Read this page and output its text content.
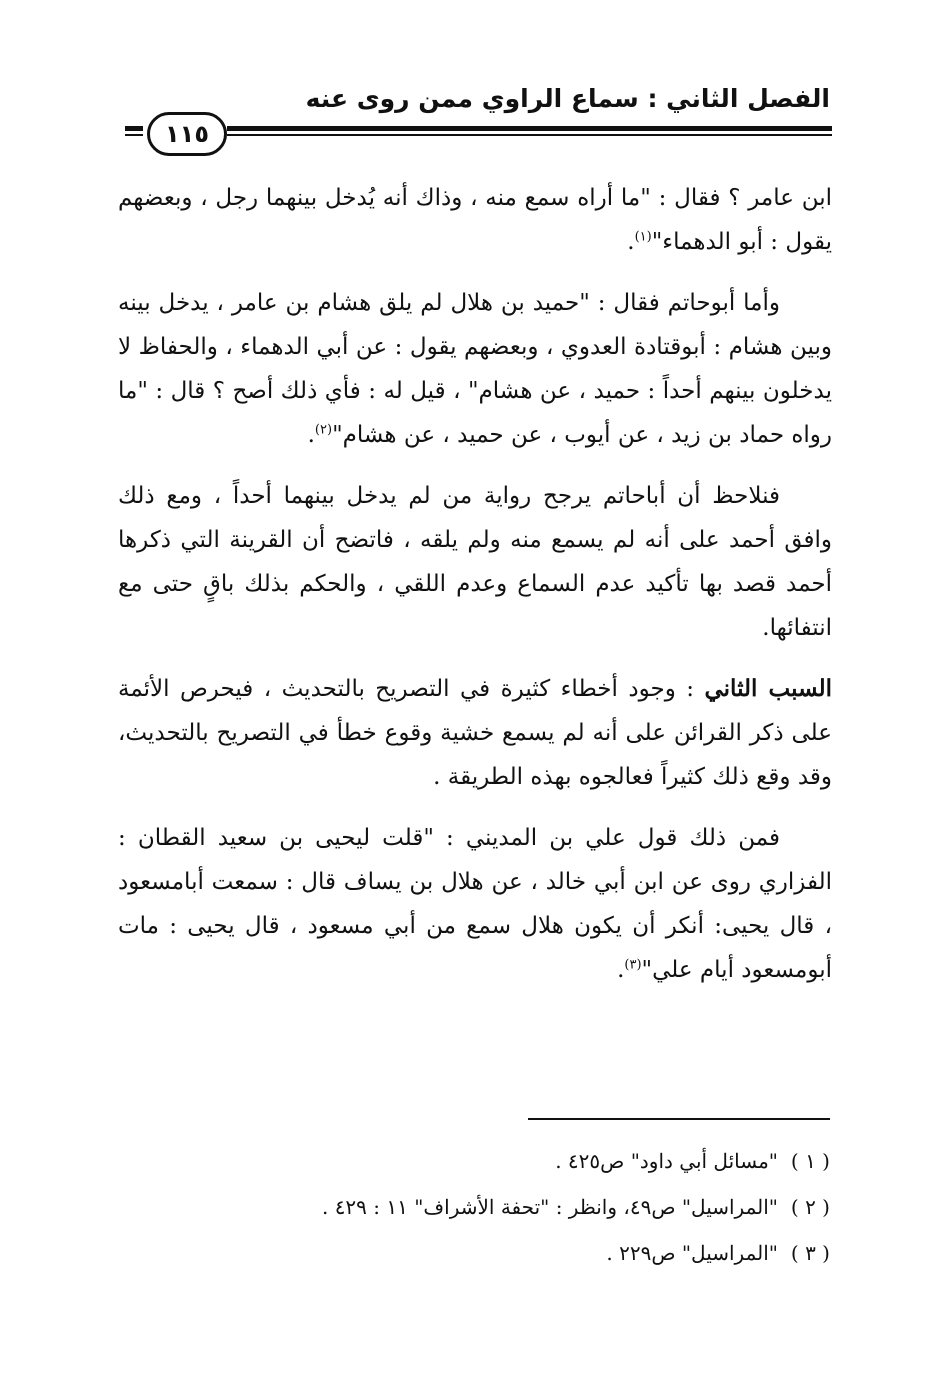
الفصل الثاني : سماع الراوي ممن روى عنه
١١٥

ابن عامر ؟ فقال : "ما أراه سمع منه ، وذاك أنه يُدخل بينهما رجل ، وبعضهم يقول : أبو الدهماء"$^{(١)}$.

وأما أبوحاتم فقال : "حميد بن هلال لم يلق هشام بن عامر ، يدخل بينه وبين هشام : أبوقتادة العدوي ، وبعضهم يقول : عن أبي الدهماء ، والحفاظ لا يدخلون بينهم أحداً : حميد ، عن هشام" ، قيل له : فأي ذلك أصح ؟ قال : "ما رواه حماد بن زيد ، عن أيوب ، عن حميد ، عن هشام"$^{(٢)}$.

فنلاحظ أن أباحاتم يرجح رواية من لم يدخل بينهما أحداً ، ومع ذلك وافق أحمد على أنه لم يسمع منه ولم يلقه ، فاتضح أن القرينة التي ذكرها أحمد قصد بها تأكيد عدم السماع وعدم اللقي ، والحكم بذلك باقٍ حتى مع انتفائها.

السبب الثاني : وجود أخطاء كثيرة في التصريح بالتحديث ، فيحرص الأئمة على ذكر القرائن على أنه لم يسمع خشية وقوع خطأ في التصريح بالتحديث، وقد وقع ذلك كثيراً فعالجوه بهذه الطريقة .

فمن ذلك قول علي بن المديني : "قلت ليحيى بن سعيد القطان : الفزاري روى عن ابن أبي خالد ، عن هلال بن يساف قال : سمعت أبامسعود ، قال يحيى: أنكر أن يكون هلال سمع من أبي مسعود ، قال يحيى : مات أبومسعود أيام علي"$^{(٣)}$.

( ١ )"مسائل أبي داود" ص٤٢٥ .
( ٢ )"المراسيل" ص٤٩، وانظر : "تحفة الأشراف" ١١ : ٤٢٩ .
( ٣ )"المراسيل" ص٢٢٩ .
